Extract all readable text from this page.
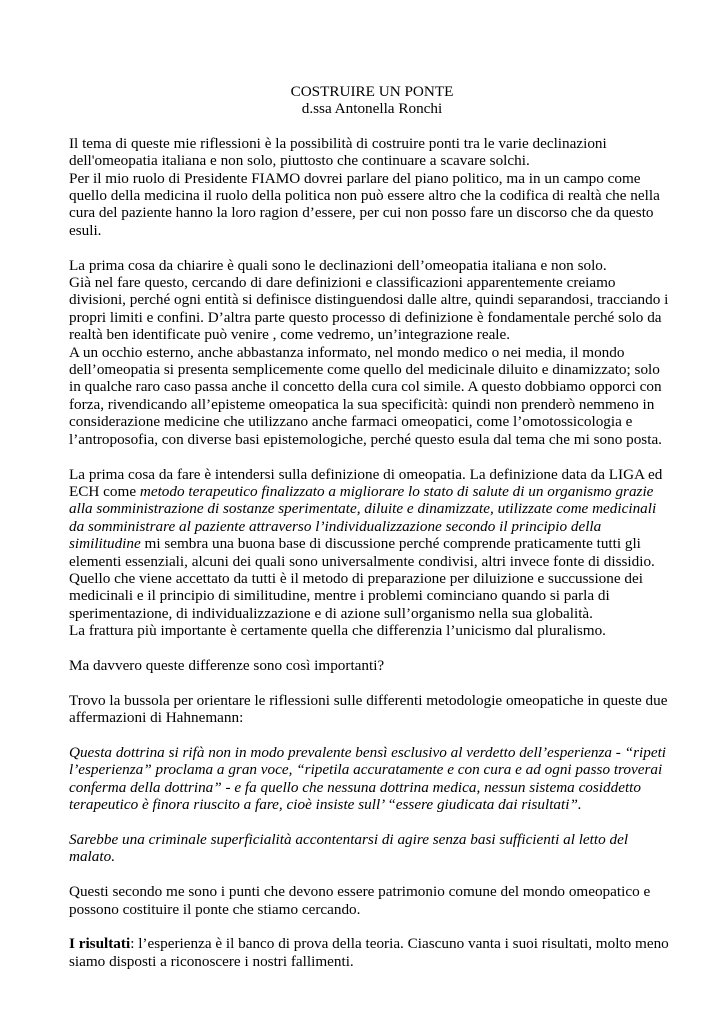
COSTRUIRE UN PONTE

d.ssa Antonella Ronchi

Il tema di queste mie riflessioni è la possibilità di costruire ponti tra le varie declinazioni dell'omeopatia italiana e non solo, piuttosto che continuare a scavare solchi.

Per il mio ruolo di Presidente FIAMO dovrei parlare del piano politico, ma in un campo come quello della medicina il ruolo della politica non può essere altro che la codifica di realtà che nella cura del paziente hanno la loro ragion d’essere, per cui non posso fare un discorso che da questo esuli.

La prima cosa da chiarire è quali sono le declinazioni dell’omeopatia italiana e non solo.

Già nel fare questo, cercando di dare definizioni e classificazioni apparentemente creiamo divisioni, perché ogni entità si definisce distinguendosi dalle altre, quindi separandosi, tracciando i propri limiti e confini. D’altra parte questo processo di definizione è fondamentale perché solo da realtà ben identificate può venire , come vedremo, un’integrazione reale.

A un occhio esterno, anche abbastanza informato, nel mondo medico o nei media, il mondo dell’omeopatia si presenta semplicemente come quello del medicinale diluito e dinamizzato; solo in qualche raro caso passa anche il concetto della cura col simile. A questo dobbiamo opporci con forza, rivendicando all’episteme omeopatica la sua specificità: quindi non prenderò nemmeno in considerazione medicine che utilizzano anche farmaci omeopatici, come l’omotossicologia e l’antroposofia, con diverse basi epistemologiche, perché questo esula dal tema che mi sono posta.

La prima cosa da fare è intendersi sulla definizione di omeopatia. La definizione data da LIGA ed ECH come metodo terapeutico finalizzato a migliorare lo stato di salute di un organismo grazie alla somministrazione di sostanze sperimentate, diluite e dinamizzate, utilizzate come medicinali da somministrare al paziente attraverso l’individualizzazione secondo il principio della similitudine mi sembra una buona base di discussione perché comprende praticamente tutti gli elementi essenziali, alcuni dei quali sono universalmente condivisi, altri invece fonte di dissidio.

Quello che viene accettato da tutti è il metodo di preparazione per diluizione e succussione dei medicinali e il principio di similitudine, mentre i problemi cominciano quando si parla di sperimentazione, di individualizzazione e di azione sull’organismo nella sua globalità.

La frattura più importante è certamente quella che differenzia l’unicismo dal pluralismo.

Ma davvero queste differenze sono così importanti?

Trovo la bussola per orientare le riflessioni sulle differenti metodologie omeopatiche in queste due affermazioni di Hahnemann:

Questa dottrina si rifà non in modo prevalente bensì esclusivo al verdetto dell’esperienza - “ripeti l’esperienza” proclama a gran voce, “ripetila accuratamente e con cura e ad ogni passo troverai conferma della dottrina” - e fa quello che nessuna dottrina medica, nessun sistema cosiddetto terapeutico è finora riuscito a fare, cioè insiste sull’ “essere giudicata dai risultati”.

Sarebbe una criminale superficialità accontentarsi di agire senza basi sufficienti al letto del malato.

Questi secondo me sono i punti che devono essere patrimonio comune del mondo omeopatico e possono costituire il ponte che stiamo cercando.

I risultati: l’esperienza è il banco di prova della teoria. Ciascuno vanta i suoi risultati, molto meno siamo disposti a riconoscere i nostri fallimenti.
